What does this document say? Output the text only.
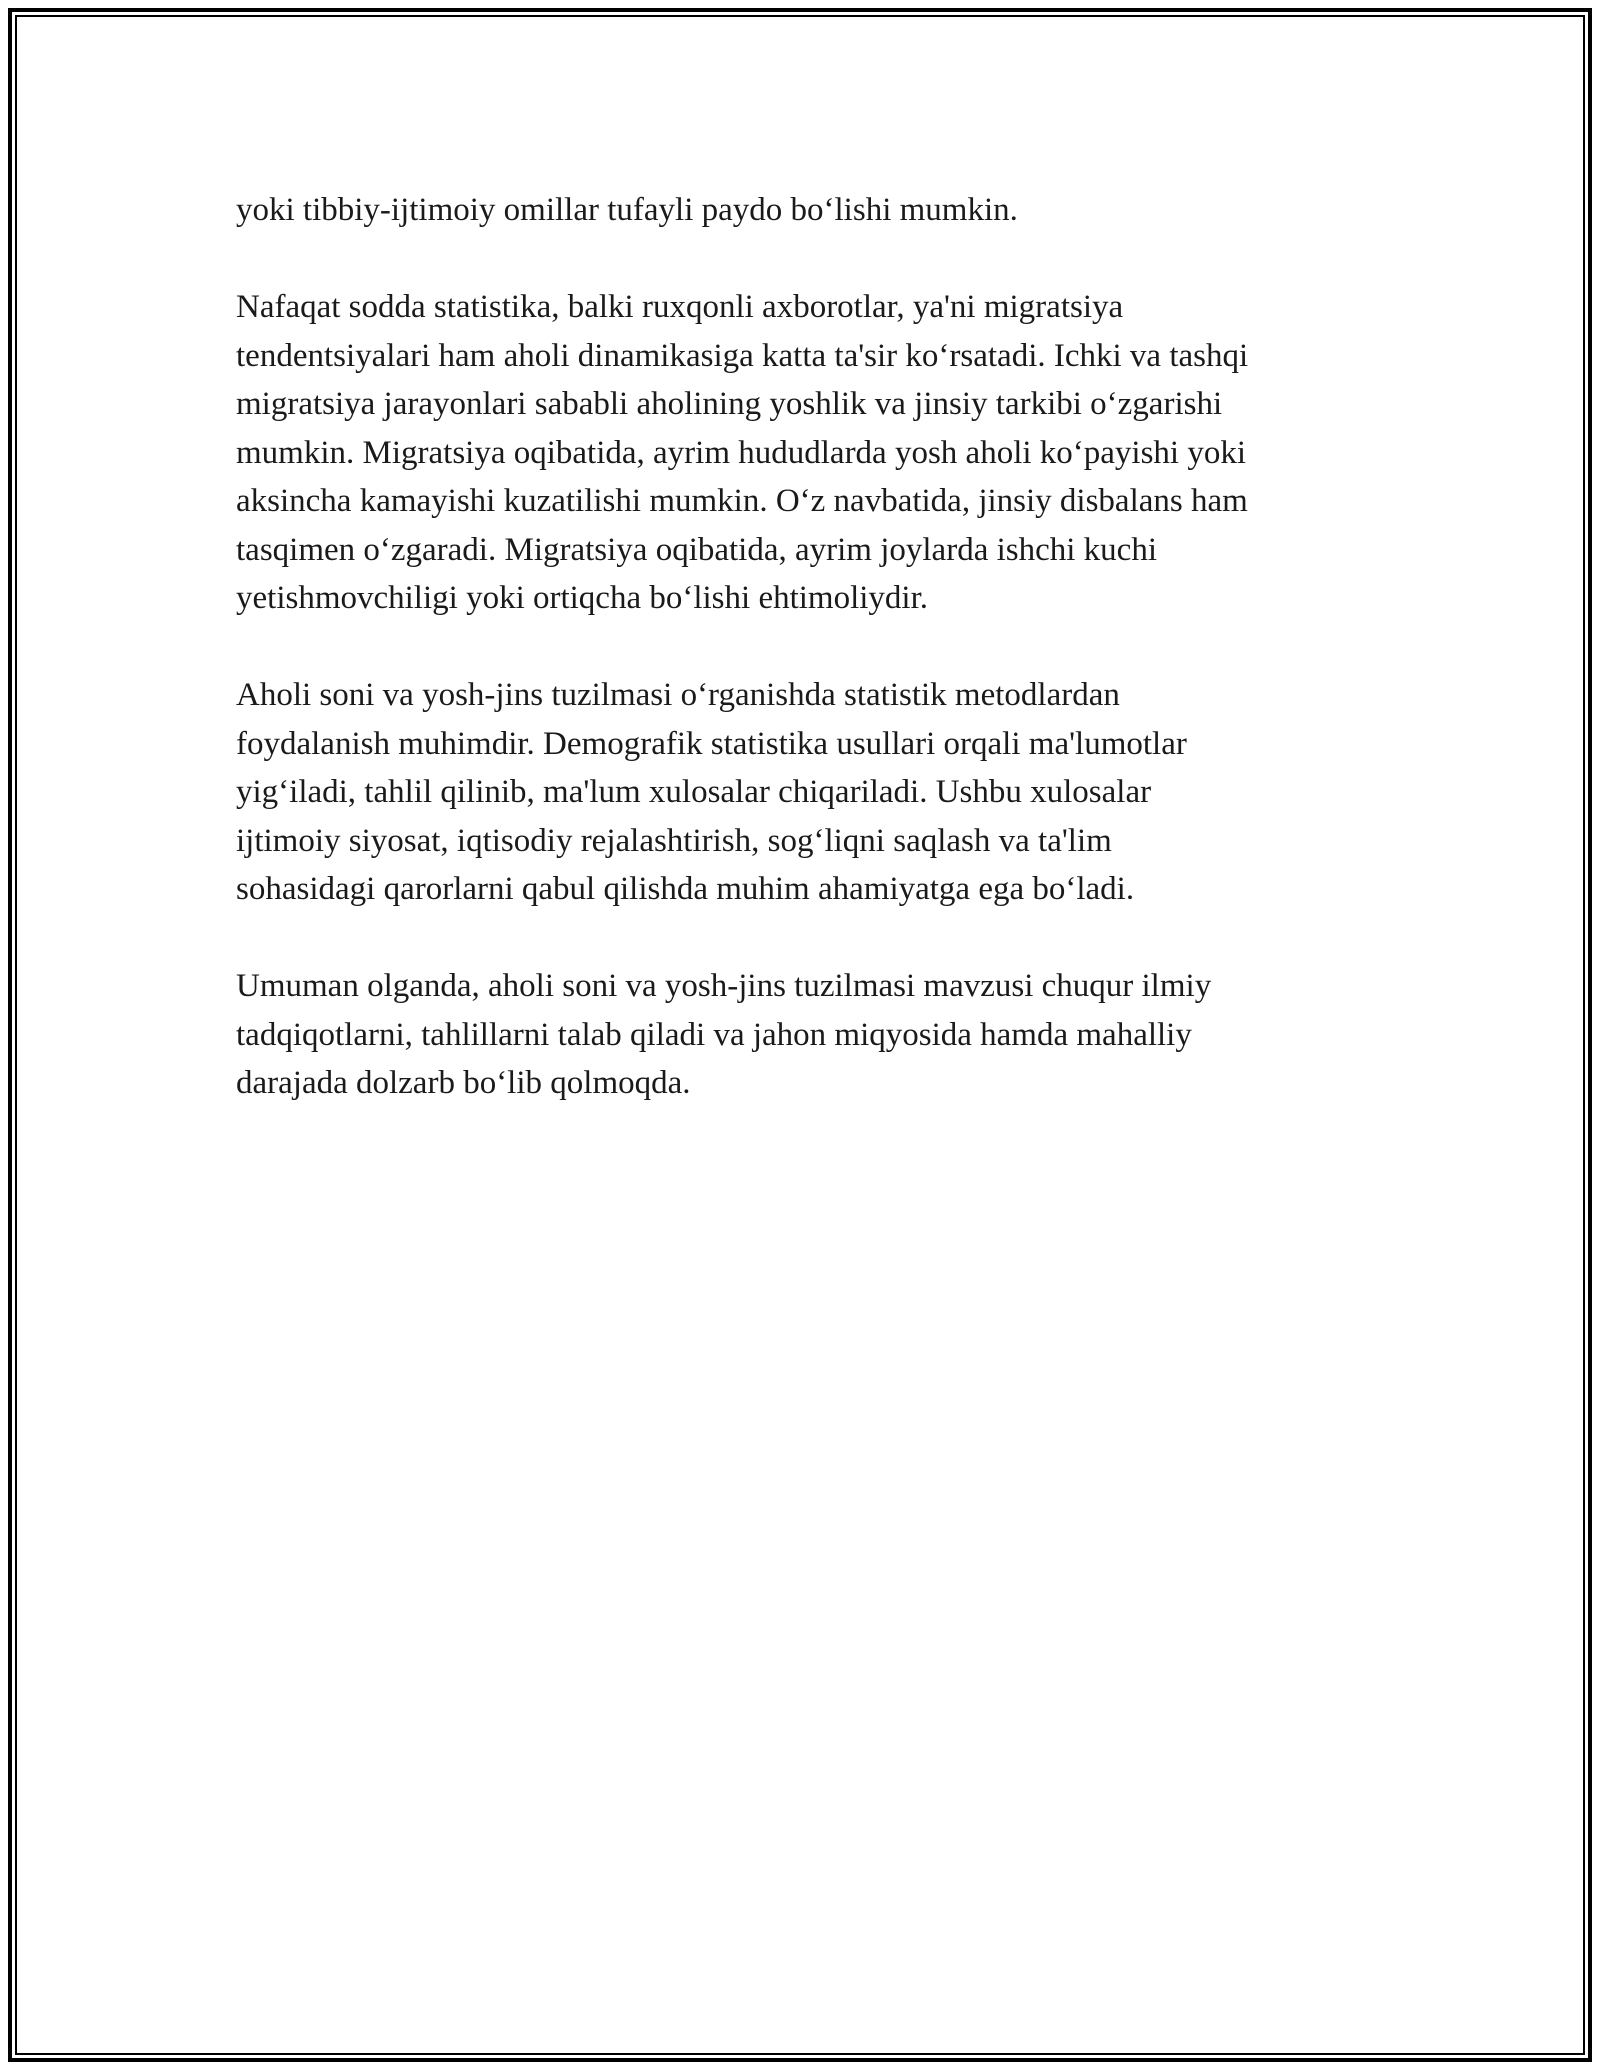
yoki tibbiy-ijtimoiy omillar tufayli paydo bo‘lishi mumkin.

Nafaqat sodda statistika, balki ruxqonli axborotlar, ya'ni migratsiya
tendentsiyalari ham aholi dinamikasiga katta ta'sir ko‘rsatadi. Ichki va tashqi
migratsiya jarayonlari sababli aholining yoshlik va jinsiy tarkibi o‘zgarishi
mumkin. Migratsiya oqibatida, ayrim hududlarda yosh aholi ko‘payishi yoki
aksincha kamayishi kuzatilishi mumkin. O‘z navbatida, jinsiy disbalans ham
tasqimen o‘zgaradi. Migratsiya oqibatida, ayrim joylarda ishchi kuchi
yetishmovchiligi yoki ortiqcha bo‘lishi ehtimoliydir.

Aholi soni va yosh-jins tuzilmasi o‘rganishda statistik metodlardan
foydalanish muhimdir. Demografik statistika usullari orqali ma'lumotlar
yig‘iladi, tahlil qilinib, ma'lum xulosalar chiqariladi. Ushbu xulosalar
ijtimoiy siyosat, iqtisodiy rejalashtirish, sog‘liqni saqlash va ta'lim
sohasidagi qarorlarni qabul qilishda muhim ahamiyatga ega bo‘ladi.

Umuman olganda, aholi soni va yosh-jins tuzilmasi mavzusi chuqur ilmiy
tadqiqotlarni, tahlillarni talab qiladi va jahon miqyosida hamda mahalliy
darajada dolzarb bo‘lib qolmoqda.
